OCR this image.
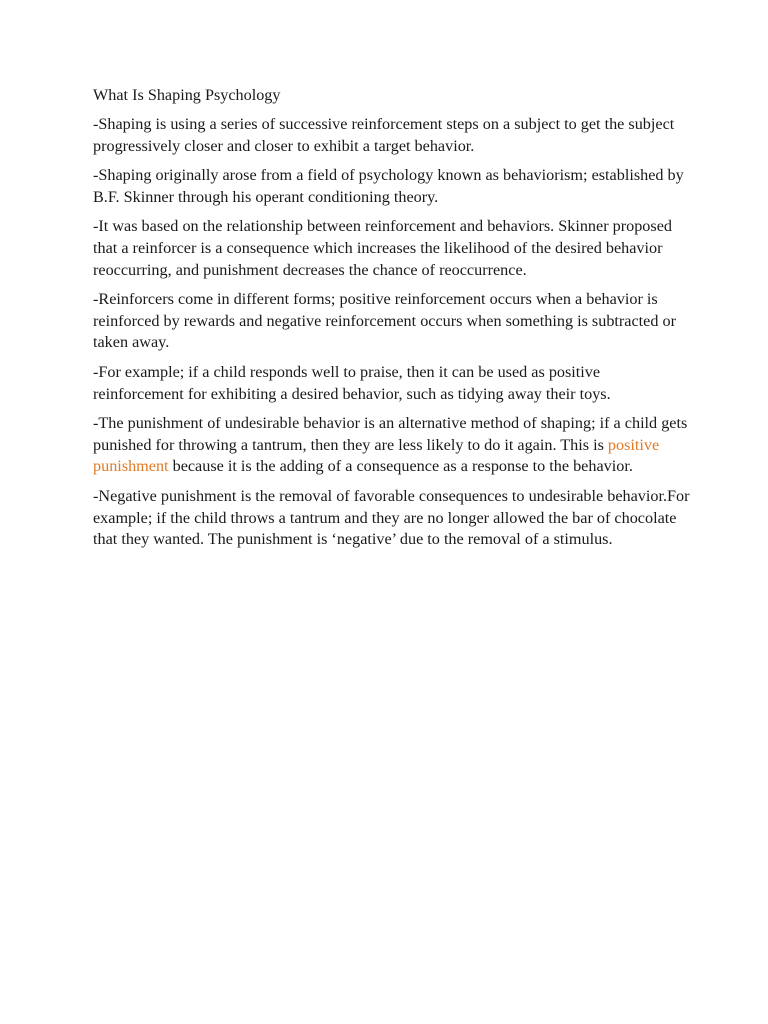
What Is Shaping Psychology

-Shaping is using a series of successive reinforcement steps on a subject to get the subject progressively closer and closer to exhibit a target behavior.

-Shaping originally arose from a field of psychology known as behaviorism; established by B.F. Skinner through his operant conditioning theory.

-It was based on the relationship between reinforcement and behaviors. Skinner proposed that a reinforcer is a consequence which increases the likelihood of the desired behavior reoccurring, and punishment decreases the chance of reoccurrence.

-Reinforcers come in different forms; positive reinforcement occurs when a behavior is reinforced by rewards and negative reinforcement occurs when something is subtracted or taken away.

-For example; if a child responds well to praise, then it can be used as positive reinforcement for exhibiting a desired behavior, such as tidying away their toys.

-The punishment of undesirable behavior is an alternative method of shaping; if a child gets punished for throwing a tantrum, then they are less likely to do it again. This is positive punishment because it is the adding of a consequence as a response to the behavior.

-Negative punishment is the removal of favorable consequences to undesirable behavior.For example; if the child throws a tantrum and they are no longer allowed the bar of chocolate that they wanted. The punishment is ‘negative’ due to the removal of a stimulus.
